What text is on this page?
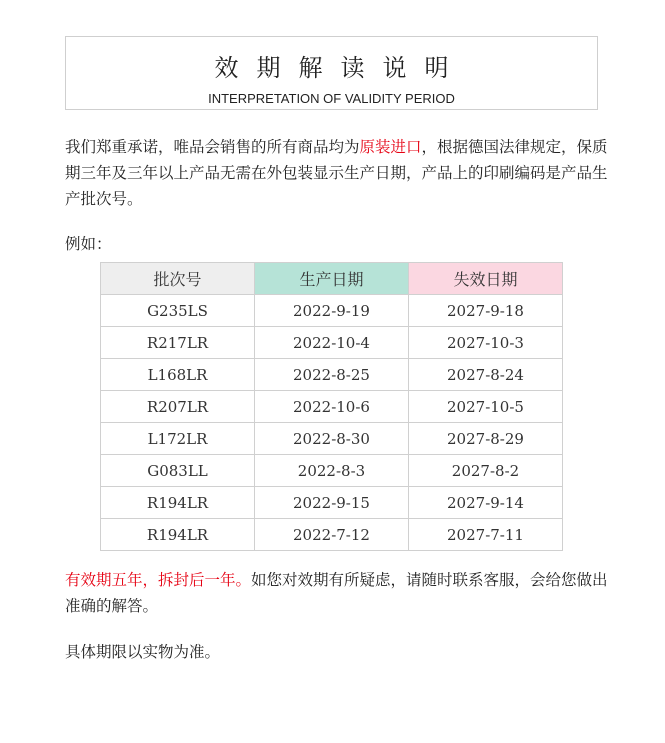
效期解读说明
INTERPRETATION OF VALIDITY PERIOD
我们郑重承诺，唯品会销售的所有商品均为原装进口，根据德国法律规定，保质期三年及三年以上产品无需在外包装显示生产日期，产品上的印刷编码是产品生产批次号。
例如：
批次号	生产日期	失效日期
G235LS	2022-9-19	2027-9-18
R217LR	2022-10-4	2027-10-3
L168LR	2022-8-25	2027-8-24
R207LR	2022-10-6	2027-10-5
L172LR	2022-8-30	2027-8-29
G083LL	2022-8-3	2027-8-2
R194LR	2022-9-15	2027-9-14
R194LR	2022-7-12	2027-7-11
有效期五年，拆封后一年。如您对效期有所疑虑，请随时联系客服，会给您做出准确的解答。
具体期限以实物为准。
